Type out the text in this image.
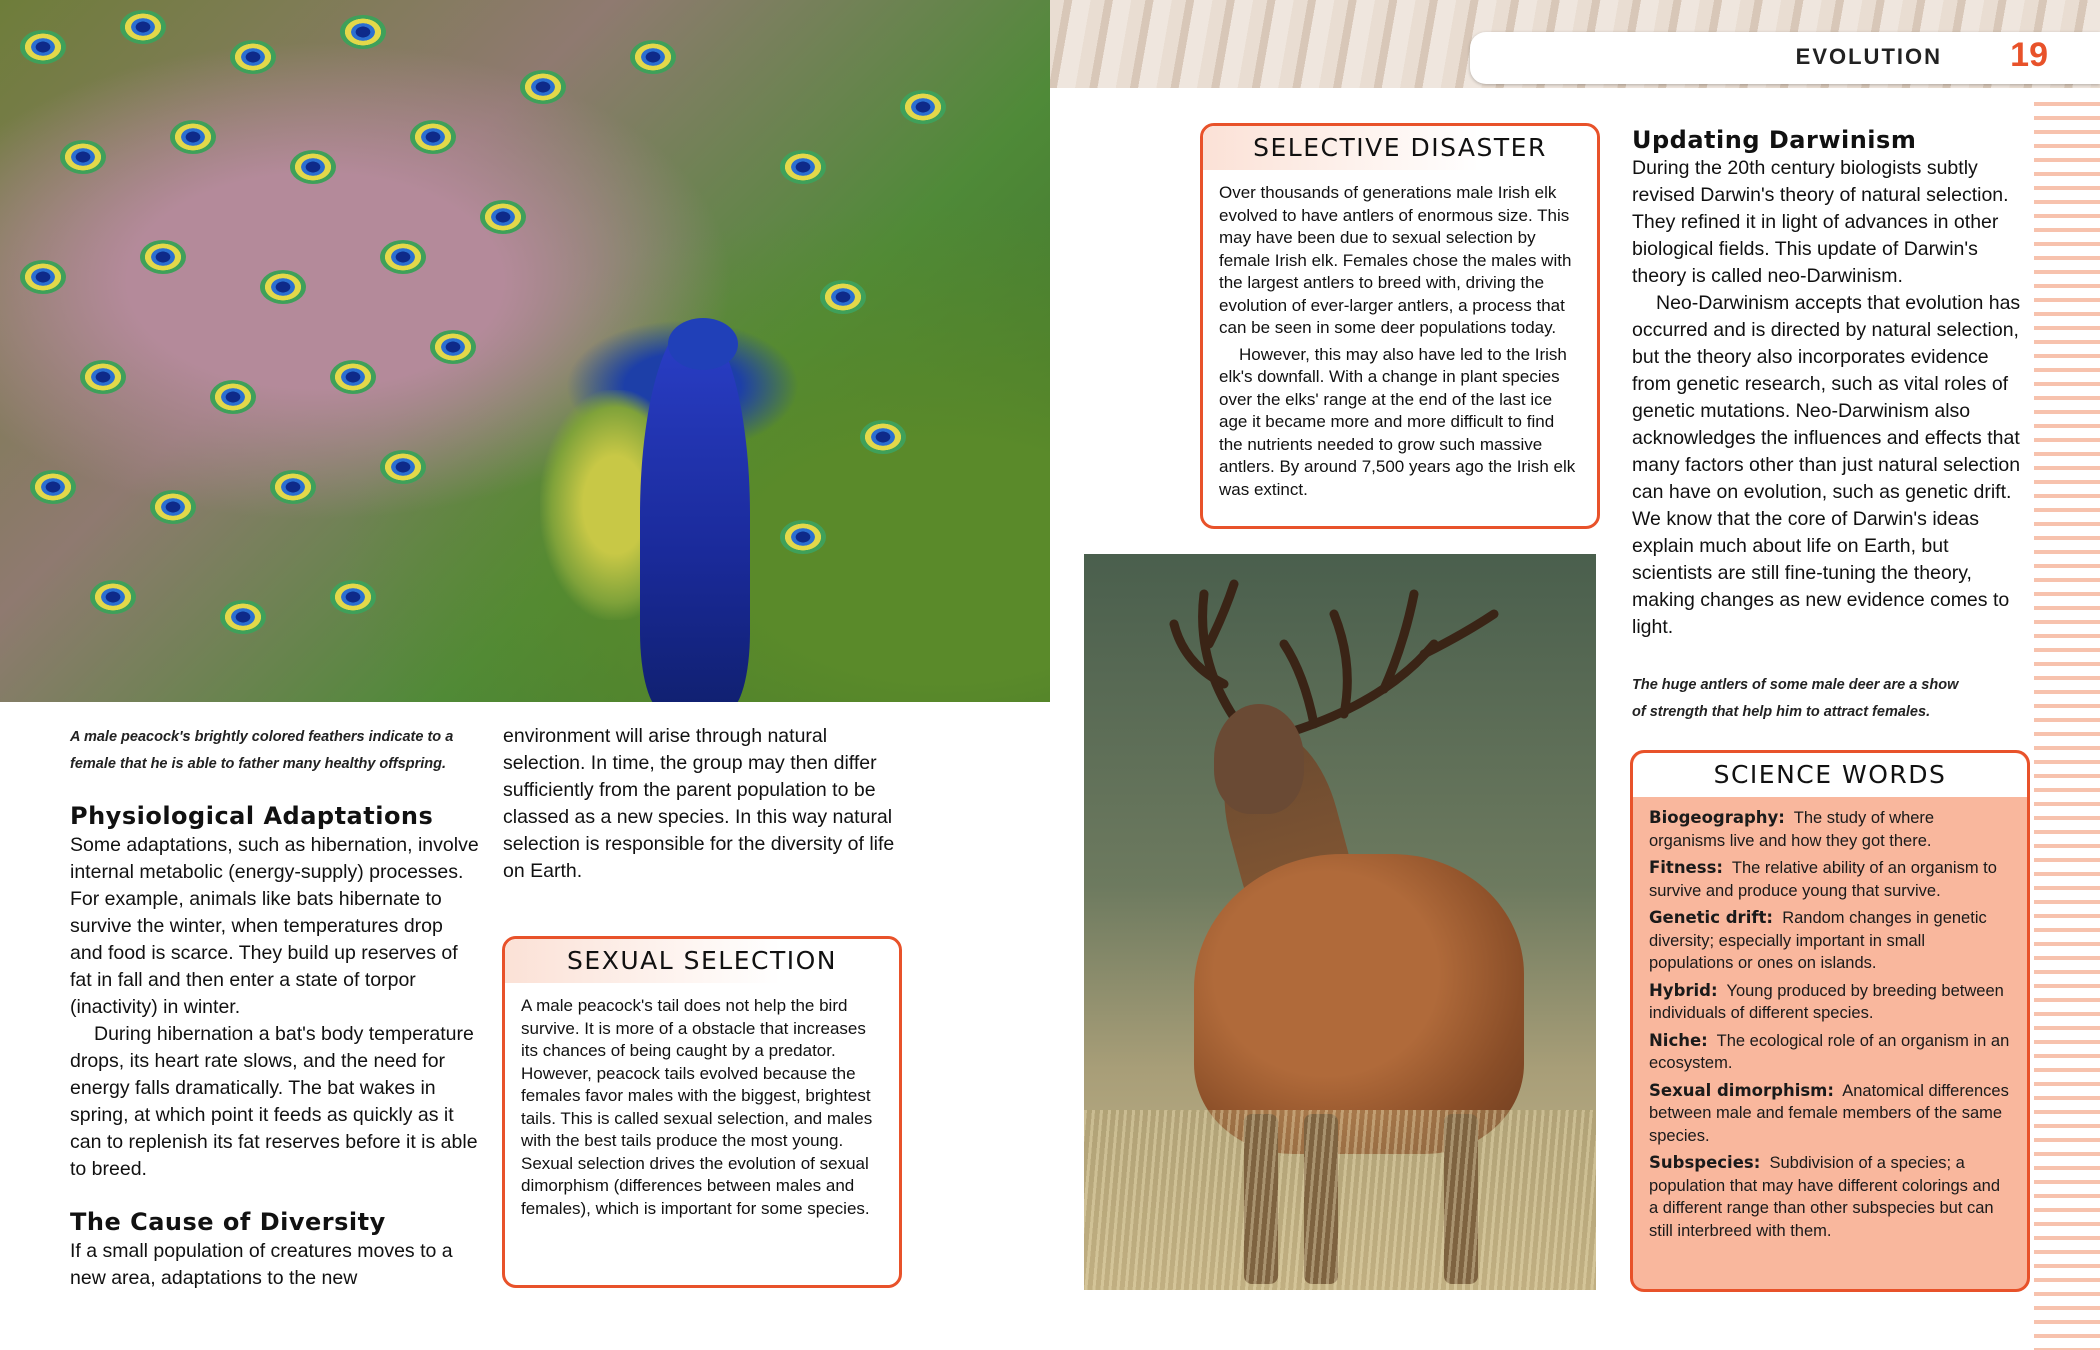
EVOLUTION 19
A male peacock's brightly colored feathers indicate to a female that he is able to father many healthy offspring.
The huge antlers of some male deer are a show of strength that help him to attract females.
Physiological Adaptations

Some adaptations, such as hibernation, involve internal metabolic (energy-supply) processes. For example, animals like bats hibernate to survive the winter, when temperatures drop and food is scarce. They build up reserves of fat in fall and then enter a state of torpor (inactivity) in winter.

During hibernation a bat's body temperature drops, its heart rate slows, and the need for energy falls dramatically. The bat wakes in spring, at which point it feeds as quickly as it can to replenish its fat reserves before it is able to breed.

The Cause of Diversity

If a small population of creatures moves to a new area, adaptations to the new

environment will arise through natural selection. In time, the group may then differ sufficiently from the parent population to be classed as a new species. In this way natural selection is responsible for the diversity of life on Earth.

SEXUAL SELECTION

A male peacock's tail does not help the bird survive. It is more of a obstacle that increases its chances of being caught by a predator. However, peacock tails evolved because the females favor males with the biggest, brightest tails. This is called sexual selection, and males with the best tails produce the most young. Sexual selection drives the evolution of sexual dimorphism (differences between males and females), which is important for some species.

SELECTIVE DISASTER

Over thousands of generations male Irish elk evolved to have antlers of enormous size. This may have been due to sexual selection by female Irish elk. Females chose the males with the largest antlers to breed with, driving the evolution of ever-larger antlers, a process that can be seen in some deer populations today.

However, this may also have led to the Irish elk's downfall. With a change in plant species over the elks' range at the end of the last ice age it became more and more difficult to find the nutrients needed to grow such massive antlers. By around 7,500 years ago the Irish elk was extinct.

Updating Darwinism

During the 20th century biologists subtly revised Darwin's theory of natural selection. They refined it in light of advances in other biological fields. This update of Darwin's theory is called neo-Darwinism.

Neo-Darwinism accepts that evolution has occurred and is directed by natural selection, but the theory also incorporates evidence from genetic research, such as vital roles of genetic mutations. Neo-Darwinism also acknowledges the influences and effects that many factors other than just natural selection can have on evolution, such as genetic drift. We know that the core of Darwin's ideas explain much about life on Earth, but scientists are still fine-tuning the theory, making changes as new evidence comes to light.

SCIENCE WORDS
Biogeography: The study of where organisms live and how they got there.
Fitness: The relative ability of an organism to survive and produce young that survive.
Genetic drift: Random changes in genetic diversity; especially important in small populations or ones on islands.
Hybrid: Young produced by breeding between individuals of different species.
Niche: The ecological role of an organism in an ecosystem.
Sexual dimorphism: Anatomical differences between male and female members of the same species.
Subspecies: Subdivision of a species; a population that may have different colorings and a different range than other subspecies but can still interbreed with them.
